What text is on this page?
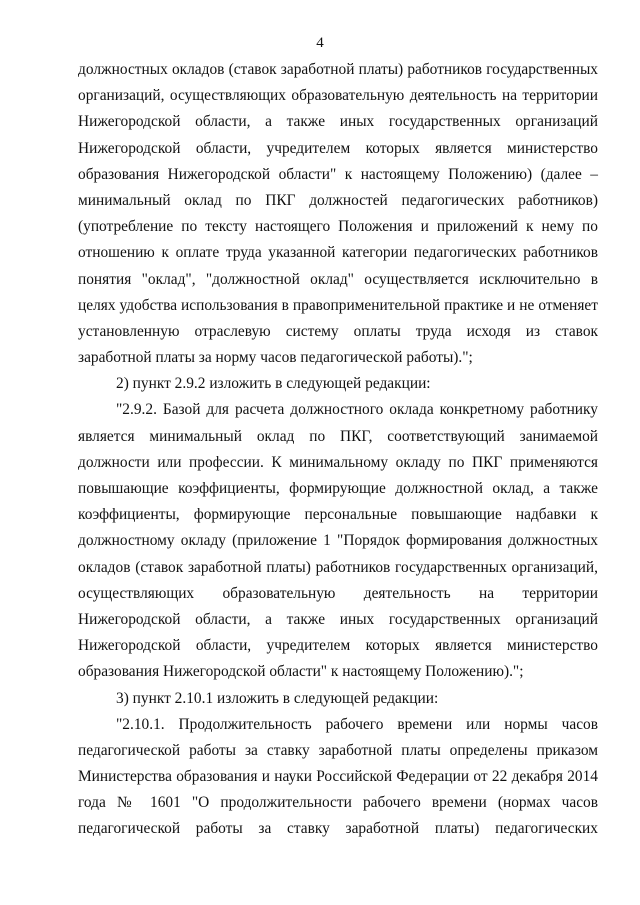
4
должностных окладов (ставок заработной платы) работников государственных
организаций, осуществляющих образовательную деятельность на территории
Нижегородской области, а также иных государственных организаций
Нижегородской области, учредителем которых является министерство
образования Нижегородской области" к настоящему Положению) (далее –
минимальный оклад по ПКГ должностей педагогических работников)
(употребление по тексту настоящего Положения и приложений к нему по
отношению к оплате труда указанной категории педагогических работников
понятия "оклад", "должностной оклад" осуществляется исключительно в
целях удобства использования в правоприменительной практике и не отменяет
установленную отраслевую систему оплаты труда исходя из ставок
заработной платы за норму часов педагогической работы).";
2) пункт 2.9.2 изложить в следующей редакции:
"2.9.2. Базой для расчета должностного оклада конкретному работнику
является минимальный оклад по ПКГ, соответствующий занимаемой
должности или профессии. К минимальному окладу по ПКГ применяются
повышающие коэффициенты, формирующие должностной оклад, а также
коэффициенты, формирующие персональные повышающие надбавки к
должностному окладу (приложение 1 "Порядок формирования должностных
окладов (ставок заработной платы) работников государственных организаций,
осуществляющих образовательную деятельность на территории
Нижегородской области, а также иных государственных организаций
Нижегородской области, учредителем которых является министерство
образования Нижегородской области" к настоящему Положению).";
3) пункт 2.10.1 изложить в следующей редакции:
"2.10.1. Продолжительность рабочего времени или нормы часов
педагогической работы за ставку заработной платы определены приказом
Министерства образования и науки Российской Федерации от 22 декабря 2014
года № 1601 "О продолжительности рабочего времени (нормах часов
педагогической работы за ставку заработной платы) педагогических
